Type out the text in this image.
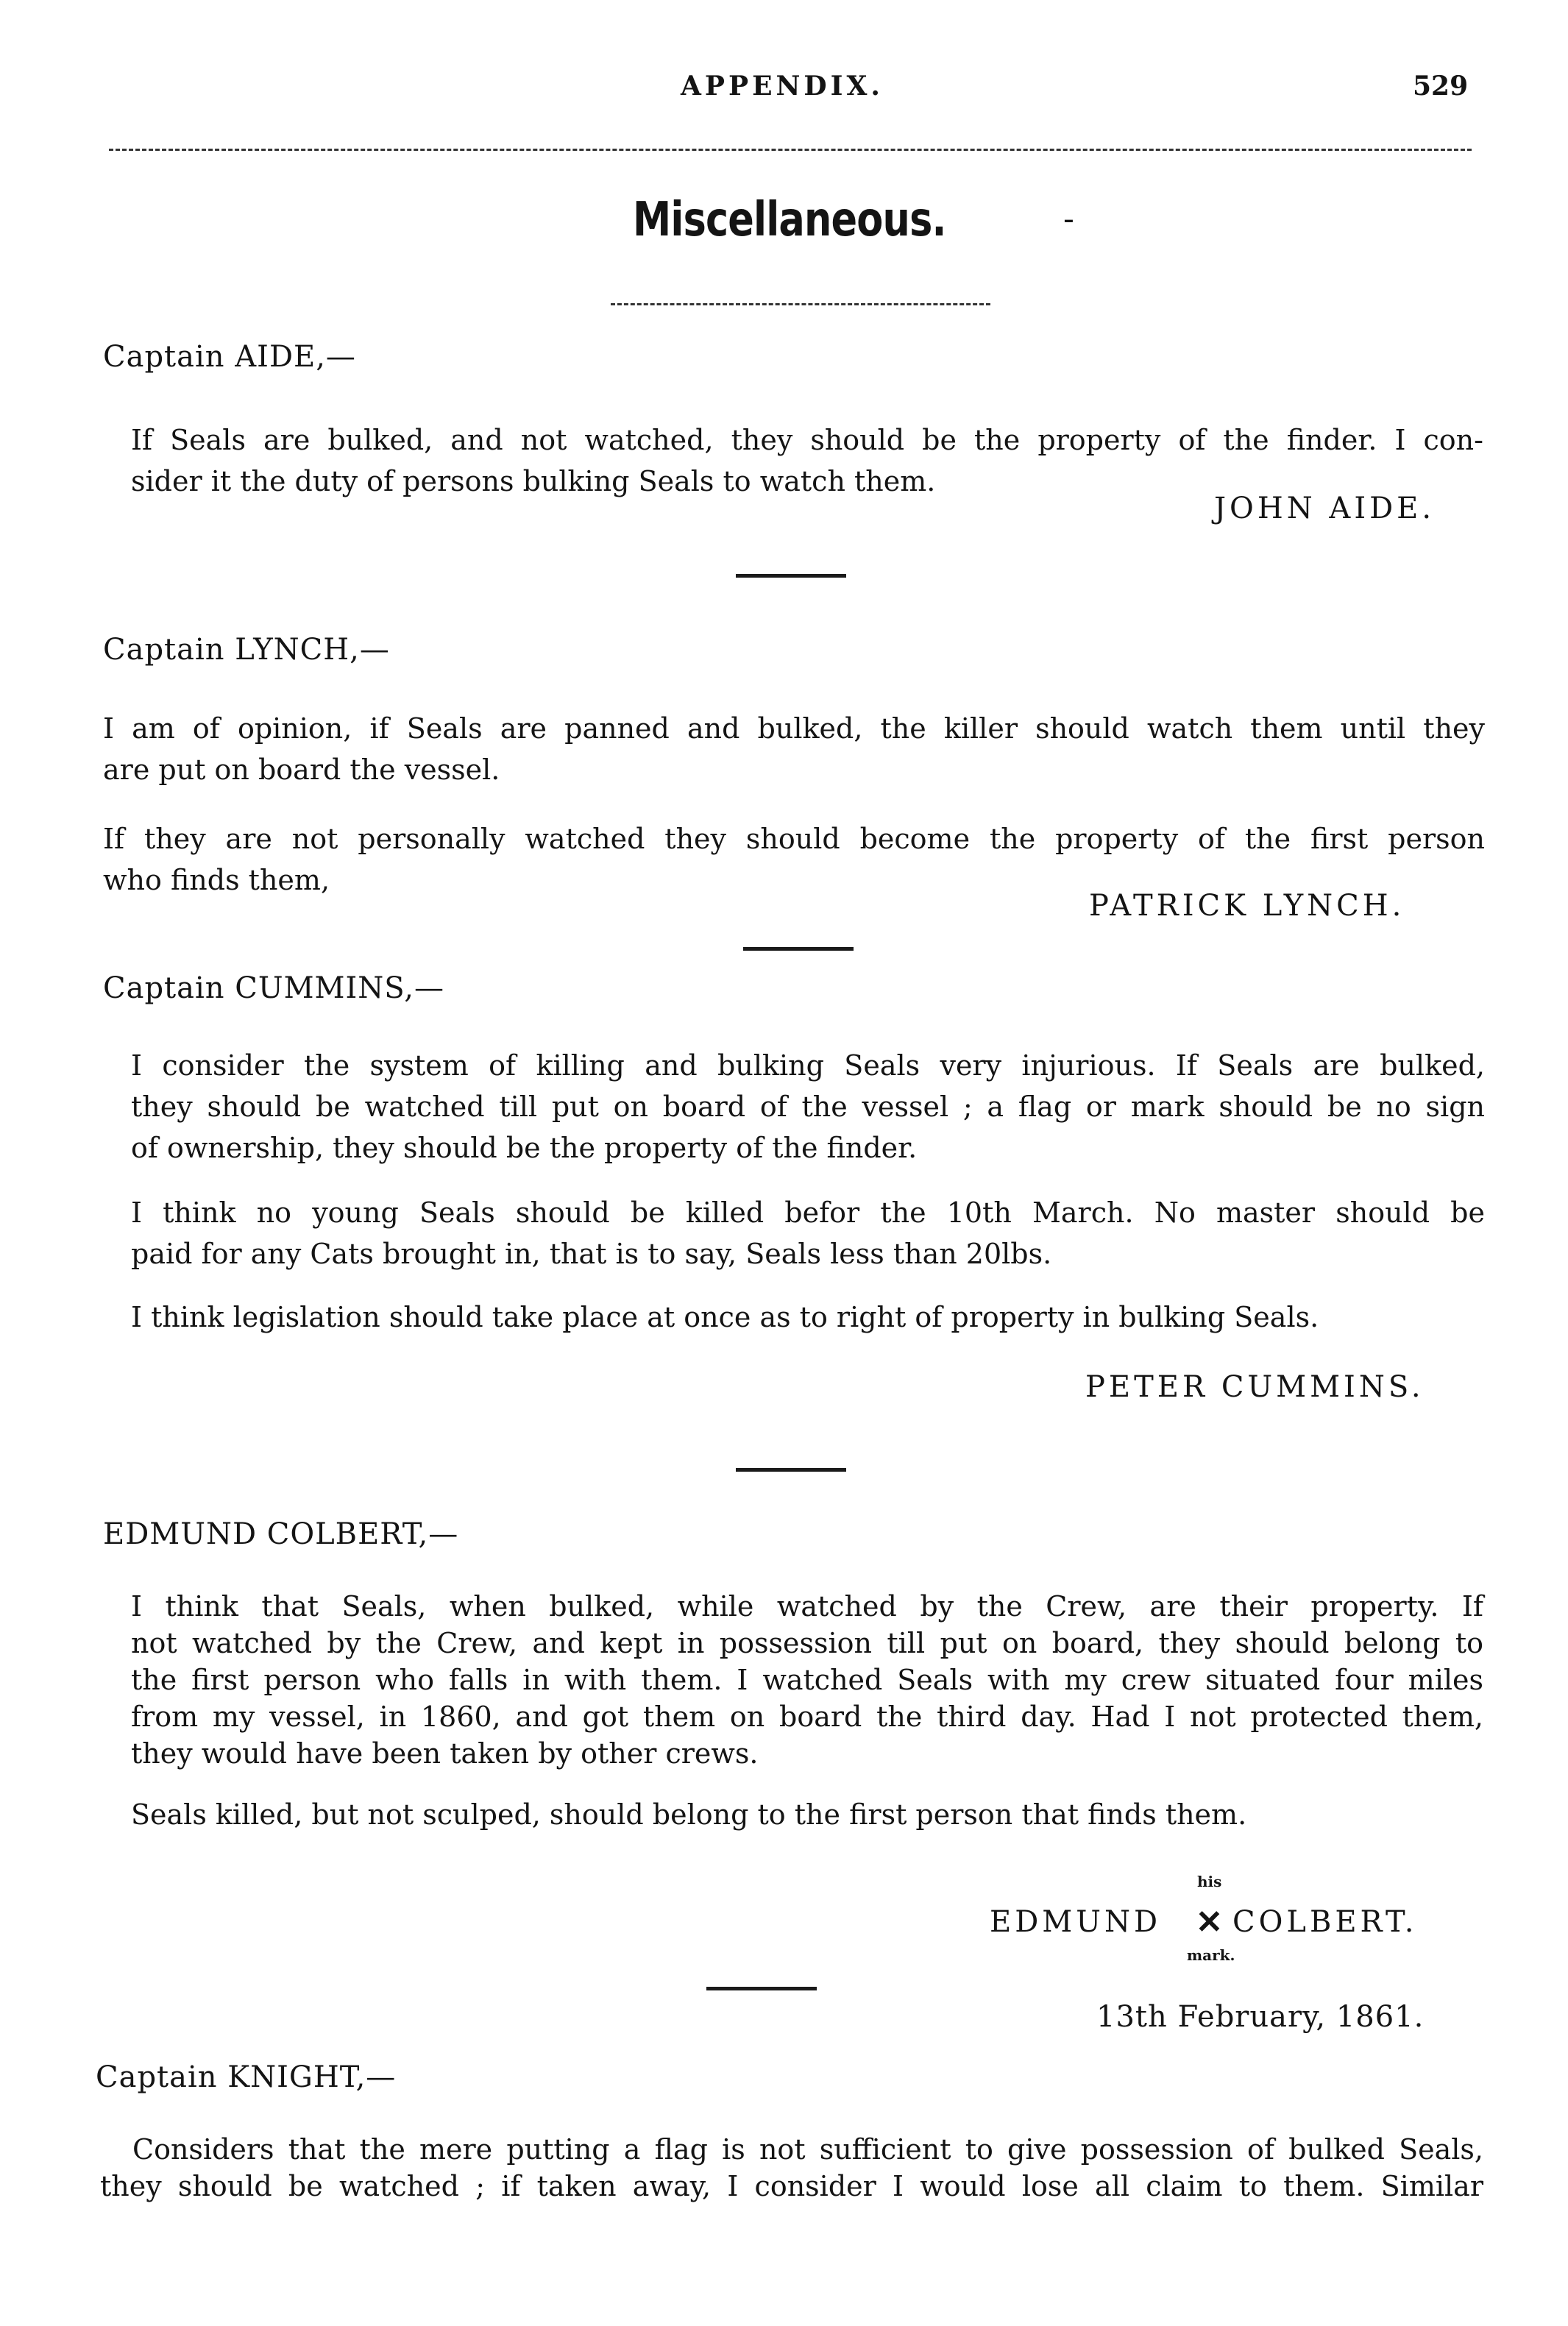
APPENDIX.	529
Miscellaneous.	-
Captain AIDE,—
If Seals are bulked, and not watched, they should be the property of the finder. I con-
sider it the duty of persons bulking Seals to watch them.
JOHN AIDE.
Captain LYNCH,—
I am of opinion, if Seals are panned and bulked, the killer should watch them until they
are put on board the vessel.
If they are not personally watched they should become the property of the first person
who finds them,
PATRICK LYNCH.
Captain CUMMINS,—
I consider the system of killing and bulking Seals very injurious. If Seals are bulked,
they should be watched till put on board of the vessel ; a flag or mark should be no sign
of ownership, they should be the property of the finder.
I think no young Seals should be killed befor the 10th March. No master should be
paid for any Cats brought in, that is to say, Seals less than 20lbs.
I think legislation should take place at once as to right of property in bulking Seals.
PETER CUMMINS.
EDMUND COLBERT,—
I think that Seals, when bulked, while watched by the Crew, are their property. If
not watched by the Crew, and kept in possession till put on board, they should belong to
the first person who falls in with them. I watched Seals with my crew situated four miles
from my vessel, in 1860, and got them on board the third day. Had I not protected them,
they would have been taken by other crews.
Seals killed, but not sculped, should belong to the first person that finds them.
his
EDMUND ✕ COLBERT.
mark.
13th February, 1861.
Captain KNIGHT,—
Considers that the mere putting a flag is not sufficient to give possession of bulked Seals,
they should be watched ; if taken away, I consider I would lose all claim to them. Similar
